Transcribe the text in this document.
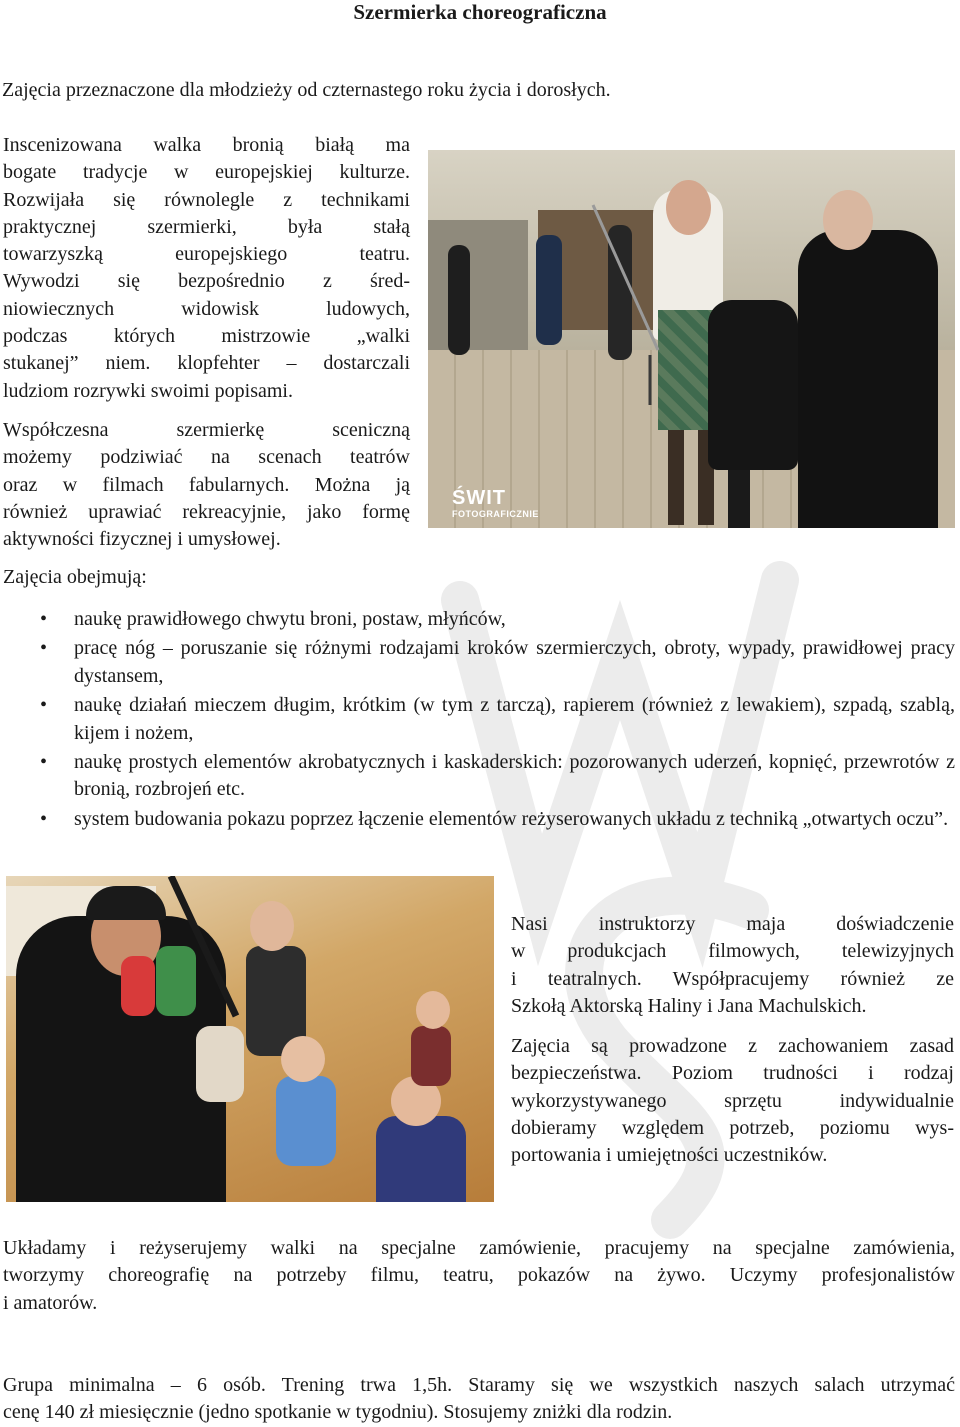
Szermierka choreograficzna

Zajęcia przeznaczone dla młodzieży od czternastego roku życia i dorosłych.

Inscenizowana walka bronią białą ma
bogate tradycje w europejskiej kulturze.
Rozwijała się równolegle z technikami
praktycznej szermierki, była stałą
towarzyszką europejskiego teatru.
Wywodzi się bezpośrednio z śred-
niowiecznych widowisk ludowych,
podczas których mistrzowie „walki
stukanej” niem. klopfehter – dostarczali
ludziom rozrywki swoimi popisami.
Współczesna szermierkę sceniczną
możemy podziwiać na scenach teatrów
oraz w filmach fabularnych. Można ją
również uprawiać rekreacyjnie, jako formę
aktywności fizycznej i umysłowej.

Zajęcia obejmują:

ŚWIT
FOTOGRAFICZNIE
• naukę prawidłowego chwytu broni, postaw, młyńców,
• pracę nóg – poruszanie się różnymi rodzajami kroków szermierczych, obroty, wypady, prawidłowej pracy dystansem,
• naukę działań mieczem długim, krótkim (w tym z tarczą), rapierem (również z lewakiem), szpadą, szablą, kijem i nożem,
• naukę prostych elementów akrobatycznych i kaskaderskich: pozorowanych uderzeń, kopnięć, przewrotów z bronią, rozbrojeń etc.
• system budowania pokazu poprzez łączenie elementów reżyserowanych układu z techniką „otwartych oczu”.
Nasi instruktorzy maja doświadczenie
w produkcjach filmowych, telewizyjnych
i teatralnych. Współpracujemy również ze
Szkołą Aktorską Haliny i Jana Machulskich.
Zajęcia są prowadzone z zachowaniem zasad
bezpieczeństwa. Poziom trudności i rodzaj
wykorzystywanego sprzętu indywidualnie
dobieramy względem potrzeb, poziomu wys-
portowania i umiejętności uczestników.
Układamy i reżyserujemy walki na specjalne zamówienie, pracujemy na specjalne zamówienia,
tworzymy choreografię na potrzeby filmu, teatru, pokazów na żywo. Uczymy profesjonalistów
i amatorów.
Grupa minimalna – 6 osób. Trening trwa 1,5h. Staramy się we wszystkich naszych salach utrzymać
cenę 140 zł miesięcznie (jedno spotkanie w tygodniu). Stosujemy zniżki dla rodzin.
